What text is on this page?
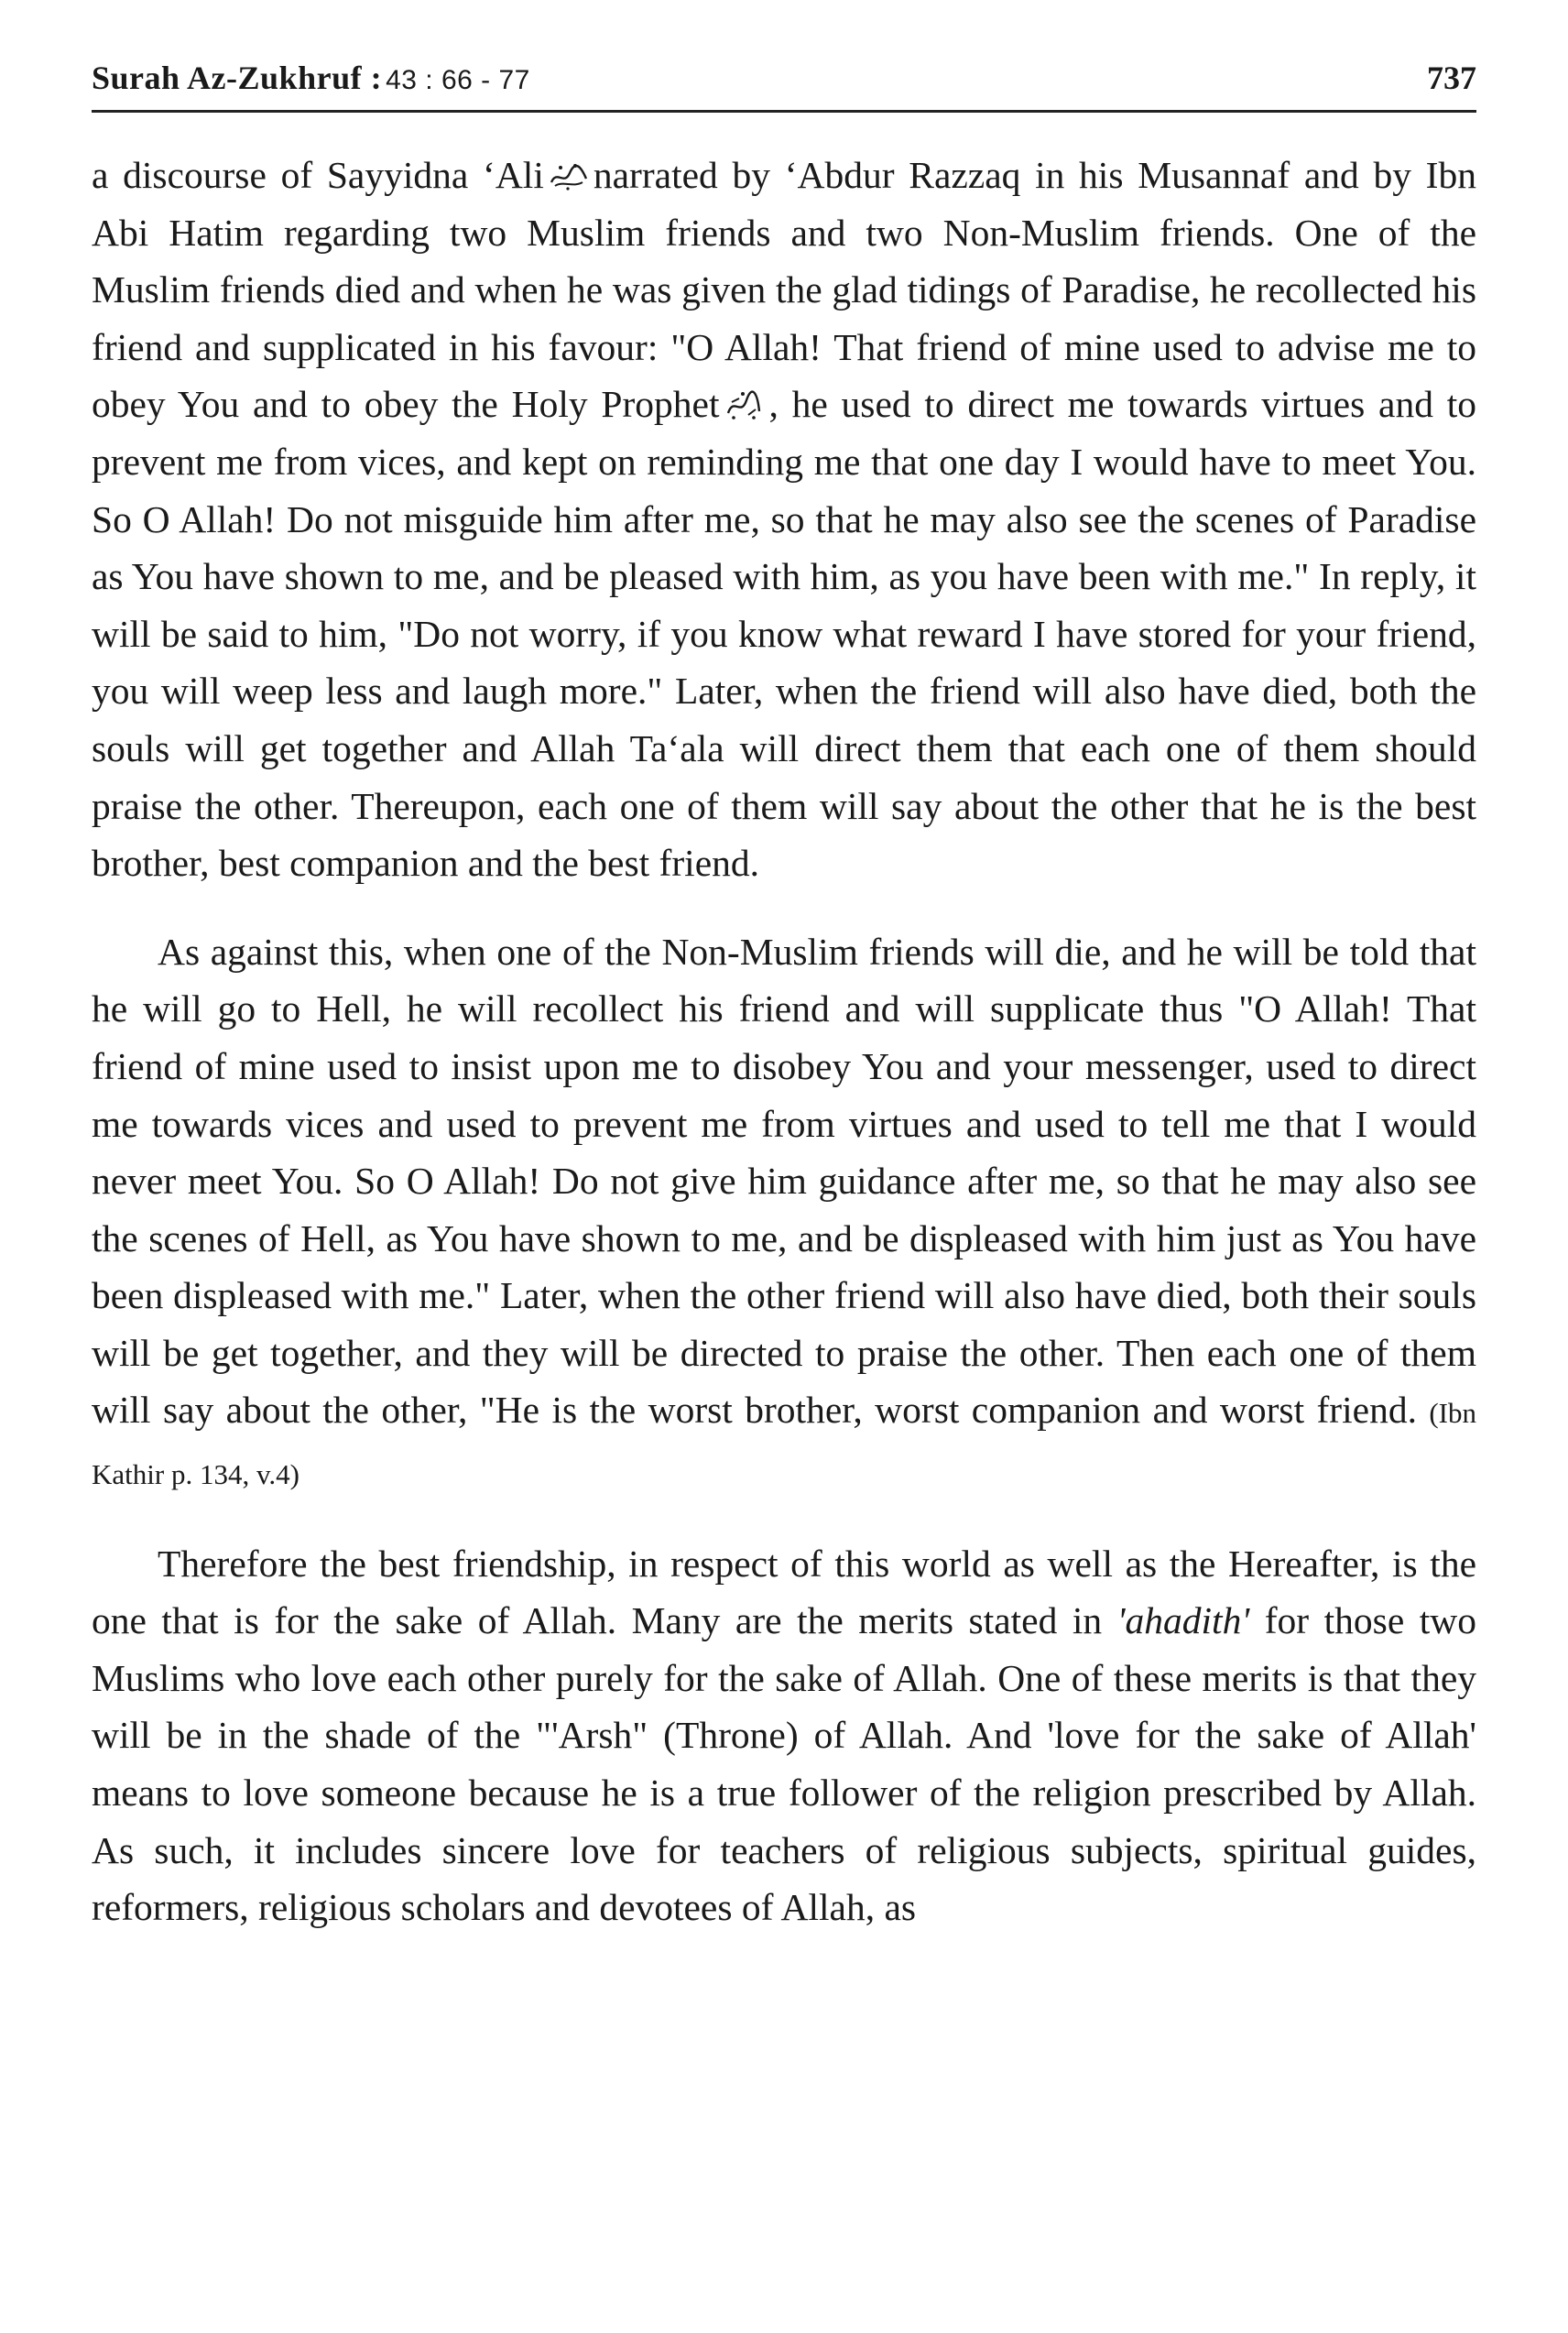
Surah Az-Zukhruf : 43 : 66 - 77	737

a discourse of Sayyidna ‘Ali narrated by ‘Abdur Razzaq in his Musannaf and by Ibn Abi Hatim regarding two Muslim friends and two Non-Muslim friends. One of the Muslim friends died and when he was given the glad tidings of Paradise, he recollected his friend and supplicated in his favour: "O Allah! That friend of mine used to advise me to obey You and to obey the Holy Prophet , he used to direct me towards virtues and to prevent me from vices, and kept on reminding me that one day I would have to meet You. So O Allah! Do not misguide him after me, so that he may also see the scenes of Paradise as You have shown to me, and be pleased with him, as you have been with me." In reply, it will be said to him, "Do not worry, if you know what reward I have stored for your friend, you will weep less and laugh more." Later, when the friend will also have died, both the souls will get together and Allah Ta‘ala will direct them that each one of them should praise the other. Thereupon, each one of them will say about the other that he is the best brother, best companion and the best friend.

As against this, when one of the Non-Muslim friends will die, and he will be told that he will go to Hell, he will recollect his friend and will supplicate thus "O Allah! That friend of mine used to insist upon me to disobey You and your messenger, used to direct me towards vices and used to prevent me from virtues and used to tell me that I would never meet You. So O Allah! Do not give him guidance after me, so that he may also see the scenes of Hell, as You have shown to me, and be displeased with him just as You have been displeased with me." Later, when the other friend will also have died, both their souls will be get together, and they will be directed to praise the other. Then each one of them will say about the other, "He is the worst brother, worst companion and worst friend. (Ibn Kathir p. 134, v.4)

Therefore the best friendship, in respect of this world as well as the Hereafter, is the one that is for the sake of Allah. Many are the merits stated in 'ahadith' for those two Muslims who love each other purely for the sake of Allah. One of these merits is that they will be in the shade of the "'Arsh" (Throne) of Allah. And 'love for the sake of Allah' means to love someone because he is a true follower of the religion prescribed by Allah. As such, it includes sincere love for teachers of religious subjects, spiritual guides, reformers, religious scholars and devotees of Allah, as
